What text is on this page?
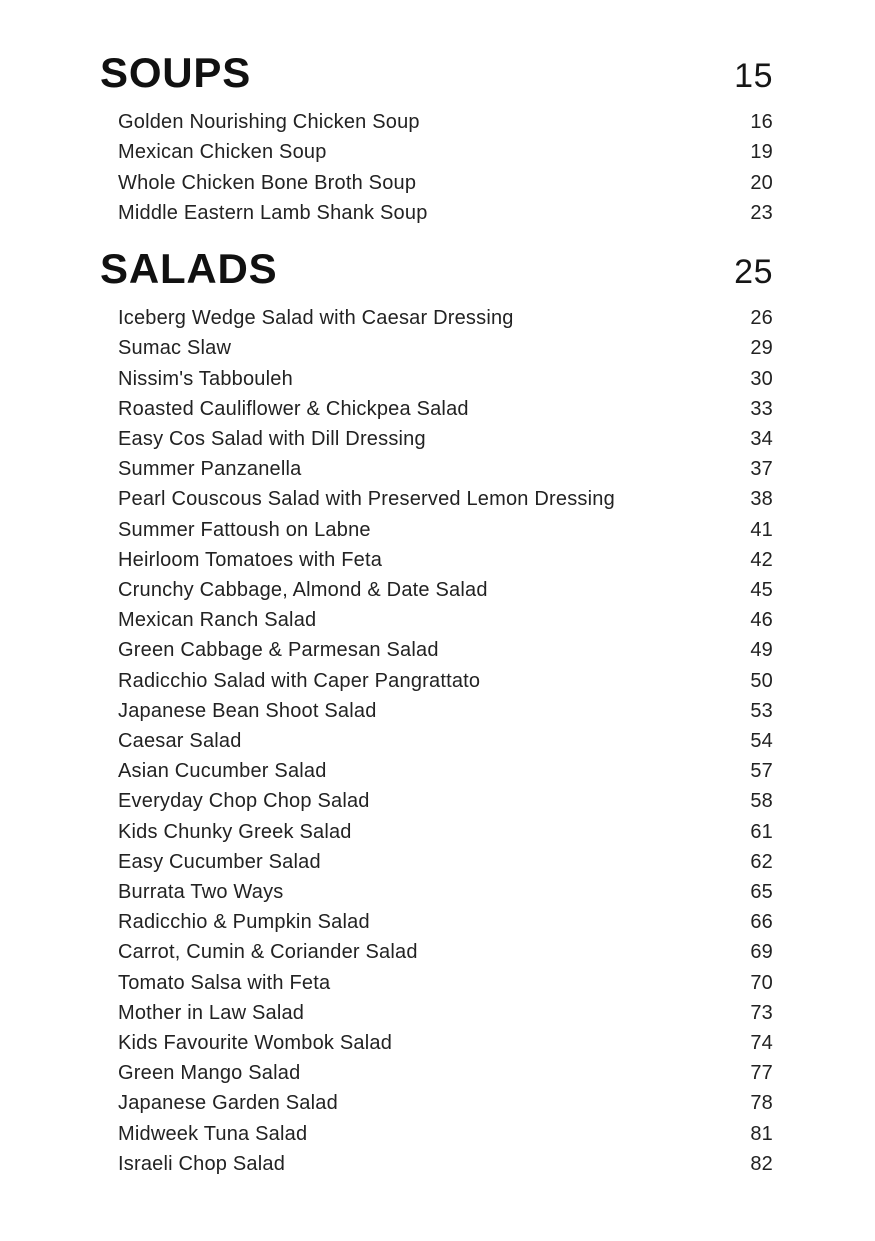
SOUPS	15
Golden Nourishing Chicken Soup	16
Mexican Chicken Soup	19
Whole Chicken Bone Broth Soup	20
Middle Eastern Lamb Shank Soup	23
SALADS	25
Iceberg Wedge Salad with Caesar Dressing	26
Sumac Slaw	29
Nissim's Tabbouleh	30
Roasted Cauliflower & Chickpea Salad	33
Easy Cos Salad with Dill Dressing	34
Summer Panzanella	37
Pearl Couscous Salad with Preserved Lemon Dressing	38
Summer Fattoush on Labne	41
Heirloom Tomatoes with Feta	42
Crunchy Cabbage, Almond & Date Salad	45
Mexican Ranch Salad	46
Green Cabbage & Parmesan Salad	49
Radicchio Salad with Caper Pangrattato	50
Japanese Bean Shoot Salad	53
Caesar Salad	54
Asian Cucumber Salad	57
Everyday Chop Chop Salad	58
Kids Chunky Greek Salad	61
Easy Cucumber Salad	62
Burrata Two Ways	65
Radicchio & Pumpkin Salad	66
Carrot, Cumin & Coriander Salad	69
Tomato Salsa with Feta	70
Mother in Law Salad	73
Kids Favourite Wombok Salad	74
Green Mango Salad	77
Japanese Garden Salad	78
Midweek Tuna Salad	81
Israeli Chop Salad	82
